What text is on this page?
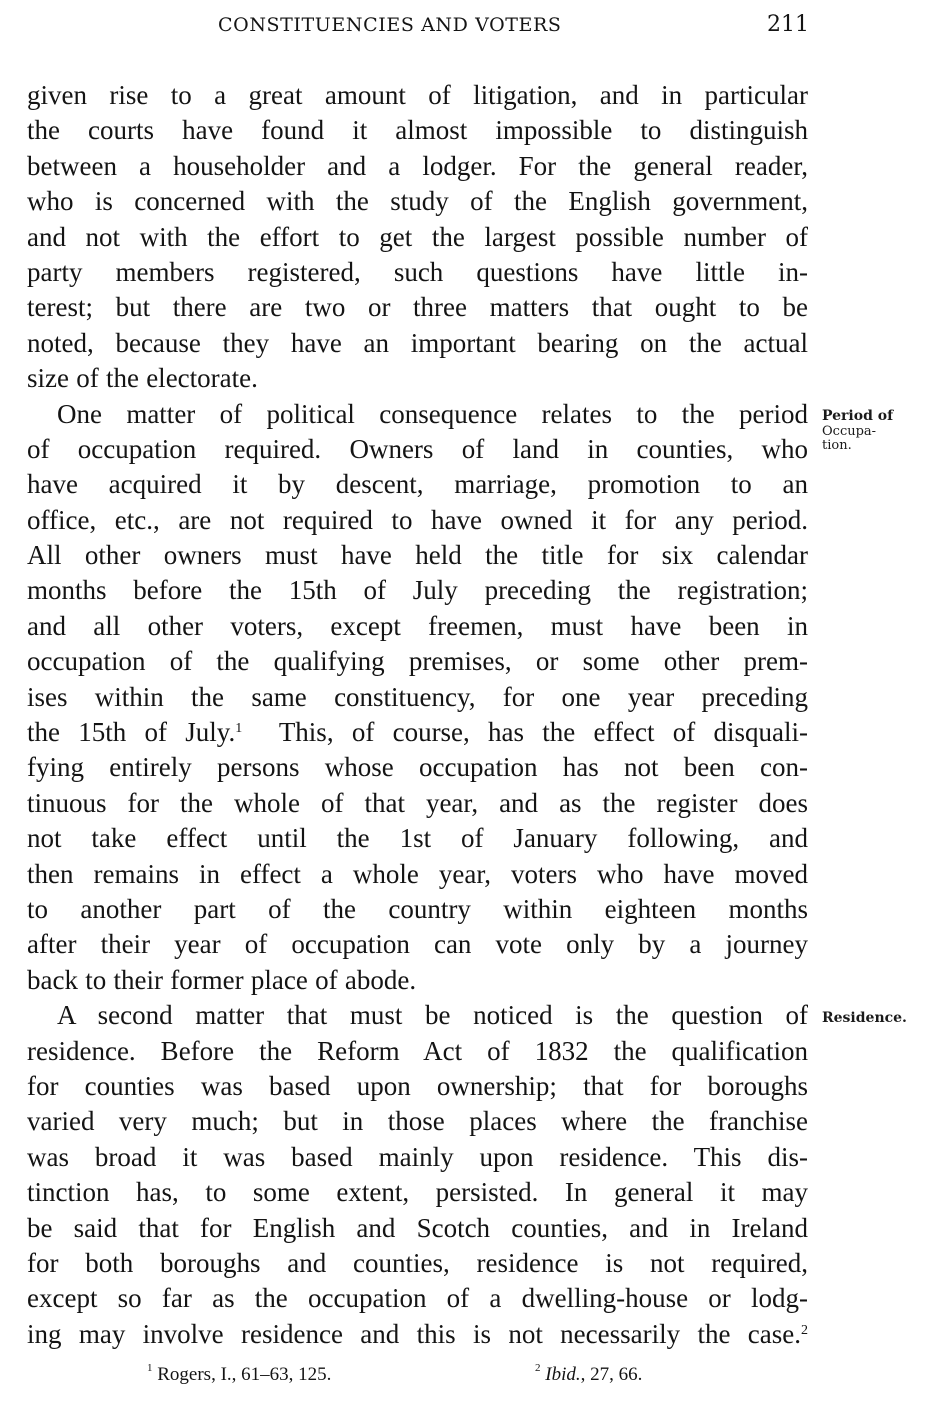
CONSTITUENCIES AND VOTERS	211
given rise to a great amount of litigation, and in particular
the courts have found it almost impossible to distinguish
between a householder and a lodger. For the general reader,
who is concerned with the study of the English government,
and not with the effort to get the largest possible number of
party members registered, such questions have little in-
terest; but there are two or three matters that ought to be
noted, because they have an important bearing on the actual
size of the electorate.
One matter of political consequence relates to the period
of occupation required. Owners of land in counties, who
have acquired it by descent, marriage, promotion to an
office, etc., are not required to have owned it for any period.
All other owners must have held the title for six calendar
months before the 15th of July preceding the registration;
and all other voters, except freemen, must have been in
occupation of the qualifying premises, or some other prem-
ises within the same constituency, for one year preceding
the 15th of July.$^1$ This, of course, has the effect of disquali-
fying entirely persons whose occupation has not been con-
tinuous for the whole of that year, and as the register does
not take effect until the 1st of January following, and
then remains in effect a whole year, voters who have moved
to another part of the country within eighteen months
after their year of occupation can vote only by a journey
back to their former place of abode.
A second matter that must be noticed is the question of
residence. Before the Reform Act of 1832 the qualification
for counties was based upon ownership; that for boroughs
varied very much; but in those places where the franchise
was broad it was based mainly upon residence. This dis-
tinction has, to some extent, persisted. In general it may
be said that for English and Scotch counties, and in Ireland
for both boroughs and counties, residence is not required,
except so far as the occupation of a dwelling-house or lodg-
ing may involve residence and this is not necessarily the case.$^2$
Period of
Occupa-
tion.
Residence.
$^1$ Rogers, I., 61–63, 125.	$^2$ Ibid., 27, 66.
